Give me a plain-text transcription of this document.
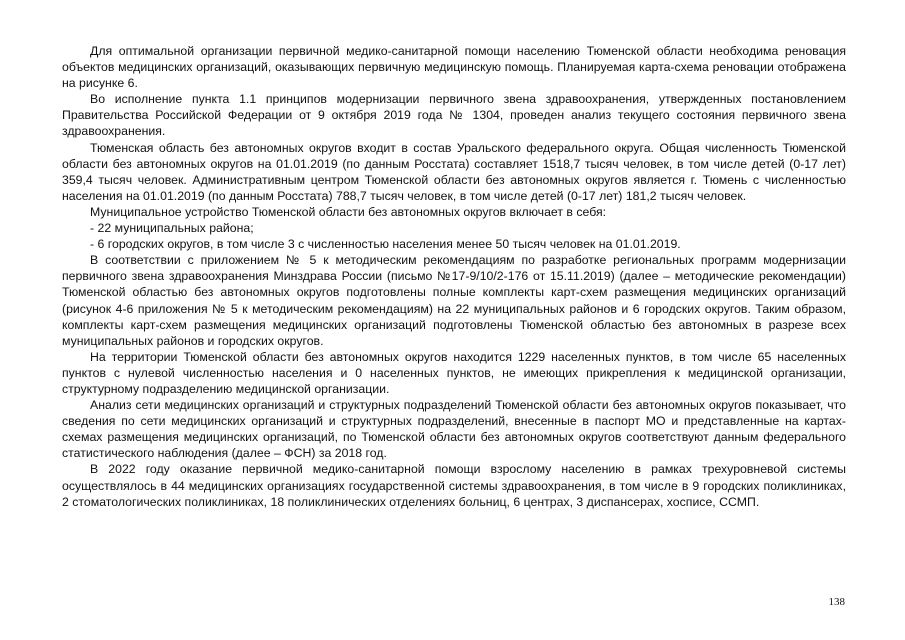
Для оптимальной организации первичной медико-санитарной помощи населению Тюменской области необходима реновация объектов медицинских организаций, оказывающих первичную медицинскую помощь. Планируемая карта-схема реновации отображена на рисунке 6.

Во исполнение пункта 1.1 принципов модернизации первичного звена здравоохранения, утвержденных постановлением Правительства Российской Федерации от 9 октября 2019 года № 1304, проведен анализ текущего состояния первичного звена здравоохранения.

Тюменская область без автономных округов входит в состав Уральского федерального округа. Общая численность Тюменской области без автономных округов на 01.01.2019 (по данным Росстата) составляет 1518,7 тысяч человек, в том числе детей (0-17 лет) 359,4 тысяч человек. Административным центром Тюменской области без автономных округов является г. Тюмень с численностью населения на 01.01.2019 (по данным Росстата) 788,7 тысяч человек, в том числе детей (0-17 лет) 181,2 тысяч человек.

Муниципальное устройство Тюменской области без автономных округов включает в себя:

- 22 муниципальных района;

- 6 городских округов, в том числе 3 с численностью населения менее 50 тысяч человек на 01.01.2019.

В соответствии с приложением № 5 к методическим рекомендациям по разработке региональных программ модернизации первичного звена здравоохранения Минздрава России (письмо №17-9/10/2-176 от 15.11.2019) (далее – методические рекомендации) Тюменской областью без автономных округов подготовлены полные комплекты карт-схем размещения медицинских организаций (рисунок 4-6 приложения № 5 к методическим рекомендациям) на 22 муниципальных районов и 6 городских округов. Таким образом, комплекты карт-схем размещения медицинских организаций подготовлены Тюменской областью без автономных в разрезе всех муниципальных районов и городских округов.

На территории Тюменской области без автономных округов находится 1229 населенных пунктов, в том числе 65 населенных пунктов с нулевой численностью населения и 0 населенных пунктов, не имеющих прикрепления к медицинской организации, структурному подразделению медицинской организации.

Анализ сети медицинских организаций и структурных подразделений Тюменской области без автономных округов показывает, что сведения по сети медицинских организаций и структурных подразделений, внесенные в паспорт МО и представленные на картах-схемах размещения медицинских организаций, по Тюменской области без автономных округов соответствуют данным федерального статистического наблюдения (далее – ФСН) за 2018 год.

В 2022 году оказание первичной медико-санитарной помощи взрослому населению в рамках трехуровневой системы осуществлялось в 44 медицинских организациях государственной системы здравоохранения, в том числе в 9 городских поликлиниках, 2 стоматологических поликлиниках, 18 поликлинических отделениях больниц, 6 центрах, 3 диспансерах, хосписе, ССМП.

138
